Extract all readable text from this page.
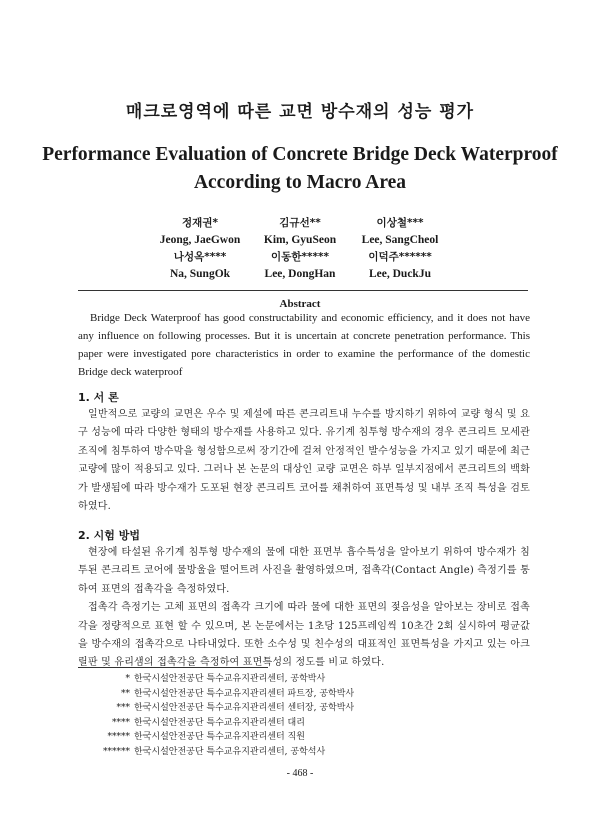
매크로영역에 따른 교면 방수재의 성능 평가
Performance Evaluation of Concrete Bridge Deck Waterproof
According to Macro Area
정재권*	김규선**	이상철***
Jeong, JaeGwon	Kim, GyuSeon	Lee, SangCheol
나성옥****	이동한*****	이덕주******
Na, SungOk	Lee, DongHan	Lee, DuckJu
Abstract

Bridge Deck Waterproof has good constructability and economic efficiency, and it does not have any influence on following processes. But it is uncertain at concrete penetration performance. This paper were investigated pore characteristics in order to examine the performance of the domestic Bridge deck waterproof

1. 서 론

일반적으로 교량의 교면은 우수 및 제설에 따른 콘크리트내 누수를 방지하기 위하여 교량 형식 및 요구 성능에 따라 다양한 형태의 방수재를 사용하고 있다. 유기계 침투형 방수재의 경우 콘크리트 모세관 조직에 침투하여 방수막을 형성함으로써 장기간에 걸쳐 안정적인 발수성능을 가지고 있기 때문에 최근 교량에 많이 적용되고 있다. 그러나 본 논문의 대상인 교량 교면은 하부 일부지점에서 콘크리트의 백화가 발생됨에 따라 방수재가 도포된 현장 콘크리트 코어를 채취하여 표면특성 및 내부 조직 특성을 검토하였다.

2. 시험 방법

현장에 타설된 유기계 침투형 방수재의 물에 대한 표면부 흡수특성을 알아보기 위하여 방수재가 침투된 콘크리트 코어에 물방울을 떨어트려 사진을 촬영하였으며, 접촉각(Contact Angle) 측정기를 통하여 표면의 접촉각을 측정하였다.

접촉각 측정기는 고체 표면의 접촉각 크기에 따라 물에 대한 표면의 젖음성을 알아보는 장비로 접촉각을 정량적으로 표현 할 수 있으며, 본 논문에서는 1초당 125프레임씩 10초간 2회 실시하여 평균값을 방수재의 접촉각으로 나타내었다. 또한 소수성 및 친수성의 대표적인 표면특성을 가지고 있는 아크릴판 및 유리샘의 접촉각을 측정하여 표면특성의 정도를 비교 하였다.

* 한국시설안전공단 특수교유지관리센터, 공학박사
** 한국시설안전공단 특수교유지관리센터 파트장, 공학박사
*** 한국시설안전공단 특수교유지관리센터 센터장, 공학박사
**** 한국시설안전공단 특수교유지관리센터 대리
***** 한국시설안전공단 특수교유지관리센터 직원
****** 한국시설안전공단 특수교유지관리센터, 공학석사
- 468 -
